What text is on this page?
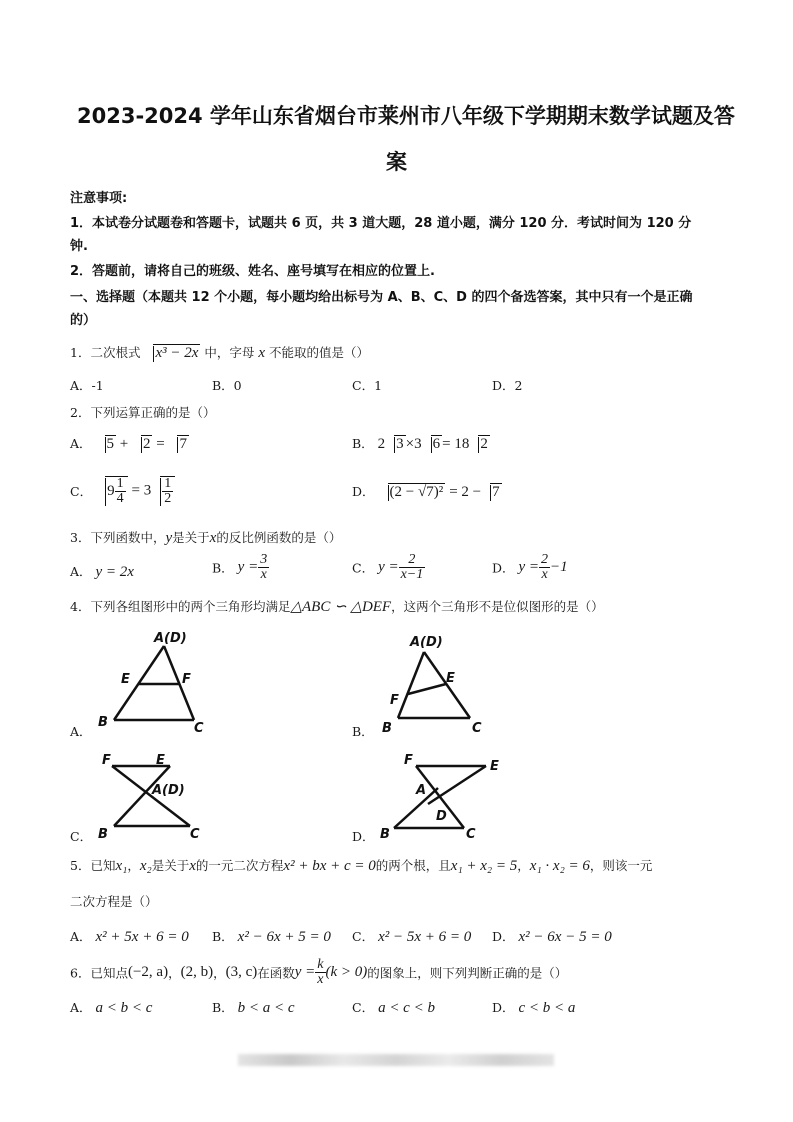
2023-2024 学年山东省烟台市莱州市八年级下学期期末数学试题及答
案
注意事项:
1．本试卷分试题卷和答题卡，试题共 6 页，共 3 道大题，28 道小题，满分 120 分．考试时间为 120 分
钟.
2．答题前，请将自己的班级、姓名、座号填写在相应的位置上.
一、选择题（本题共 12 个小题，每小题均给出标号为 A、B、C、D 的四个备选答案，其中只有一个是正确
的）
1．二次根式 x³ − 2x 中，字母 x 不能取的值是（）
A．-1	B．0	C．1	D．2
2．下列运算正确的是（）
A． 5 + 2 = 7	B． 2 3 ×3 6 = 18 2
C． $9 \frac{1}{4} = 3 \frac{1}{2}$	D． (2 − √7)² = 2 − 7
3．下列函数中，y是关于x的反比例函数的是（）
A． y = 2x	B． $y = \frac{3}{x}$	C． $y = \frac{2}{x-1}$	D． $y = \frac{2}{x} -1$
4．下列各组图形中的两个三角形均满足△ABC ∽ △DEF，这两个三角形不是位似图形的是（）
A．
A(D)
E	F
B	C	B．
A(D)
E
F
B	C
C．
F	E
A(D)
B	C	D．
F	E
A
D
B	C
5．已知x₁，x₂是关于x的一元二次方程x² + bx + c = 0的两个根，且x₁ + x₂ = 5，x₁ · x₂ = 6，则该一元
二次方程是（）
A． x² + 5x + 6 = 0 B． x² − 6x + 5 = 0 C． x² − 5x + 6 = 0 D． x² − 6x − 5 = 0
6．已知点(−2, a)，(2, b)，(3, c)在函数$y = \frac{k}{x} (k > 0)$的图象上，则下列判断正确的是（）
A． a < b < c	B． b < a < c	C． a < c < b	D． c < b < a
